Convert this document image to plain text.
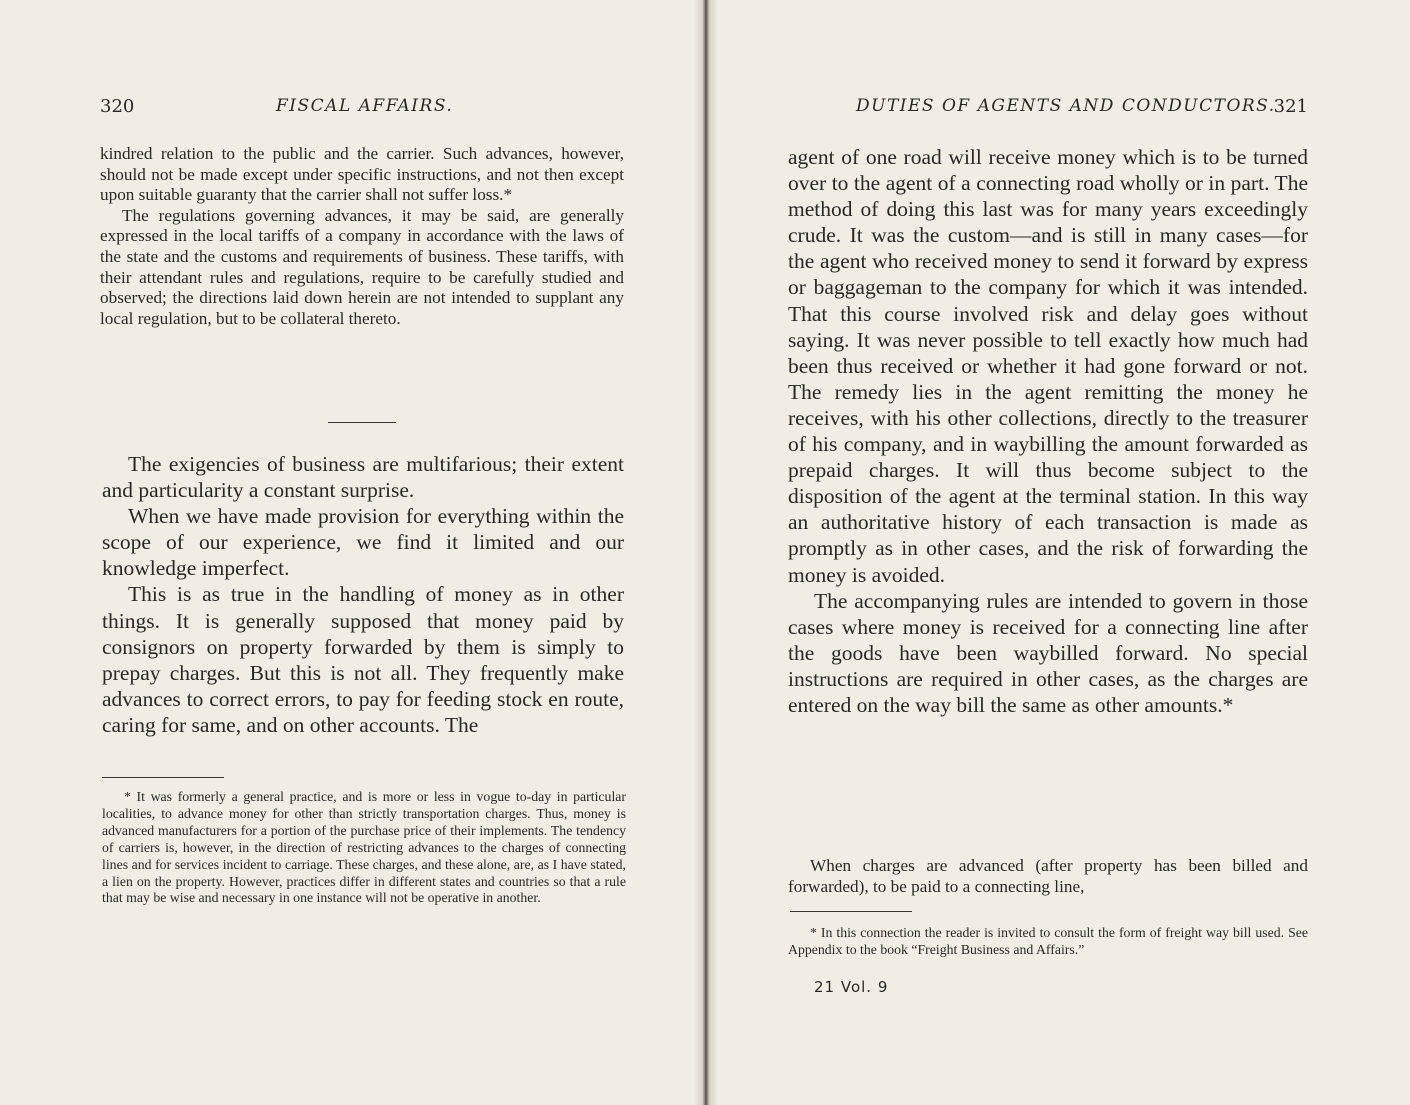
320	FISCAL AFFAIRS.

kindred relation to the public and the carrier. Such advances, however, should not be made except under specific instructions, and not then except upon suitable guaranty that the carrier shall not suffer loss.*

The regulations governing advances, it may be said, are generally expressed in the local tariffs of a company in accordance with the laws of the state and the customs and requirements of business. These tariffs, with their attendant rules and regulations, require to be carefully studied and observed; the directions laid down herein are not intended to supplant any local regulation, but to be collateral thereto.

The exigencies of business are multifarious; their extent and particularity a constant surprise.

When we have made provision for everything within the scope of our experience, we find it limited and our knowledge imperfect.

This is as true in the handling of money as in other things. It is generally supposed that money paid by consignors on property forwarded by them is simply to prepay charges. But this is not all. They frequently make advances to correct errors, to pay for feeding stock en route, caring for same, and on other accounts. The

* It was formerly a general practice, and is more or less in vogue to-day in particular localities, to advance money for other than strictly transportation charges. Thus, money is advanced manufacturers for a portion of the purchase price of their implements. The tendency of carriers is, however, in the direction of restricting advances to the charges of connecting lines and for services incident to carriage. These charges, and these alone, are, as I have stated, a lien on the property. However, practices differ in different states and countries so that a rule that may be wise and necessary in one instance will not be operative in another.

DUTIES OF AGENTS AND CONDUCTORS.
321

agent of one road will receive money which is to be turned over to the agent of a connecting road wholly or in part. The method of doing this last was for many years exceedingly crude. It was the custom—and is still in many cases—for the agent who received money to send it forward by express or baggageman to the company for which it was intended. That this course involved risk and delay goes without saying. It was never possible to tell exactly how much had been thus received or whether it had gone forward or not. The remedy lies in the agent remitting the money he receives, with his other collections, directly to the treasurer of his company, and in waybilling the amount forwarded as prepaid charges. It will thus become subject to the disposition of the agent at the terminal station. In this way an authoritative history of each transaction is made as promptly as in other cases, and the risk of forwarding the money is avoided.

The accompanying rules are intended to govern in those cases where money is received for a connecting line after the goods have been waybilled forward. No special instructions are required in other cases, as the charges are entered on the way bill the same as other amounts.*

When charges are advanced (after property has been billed and forwarded), to be paid to a connecting line,

* In this connection the reader is invited to consult the form of freight way bill used. See Appendix to the book “Freight Business and Affairs.”

21 Vol. 9
